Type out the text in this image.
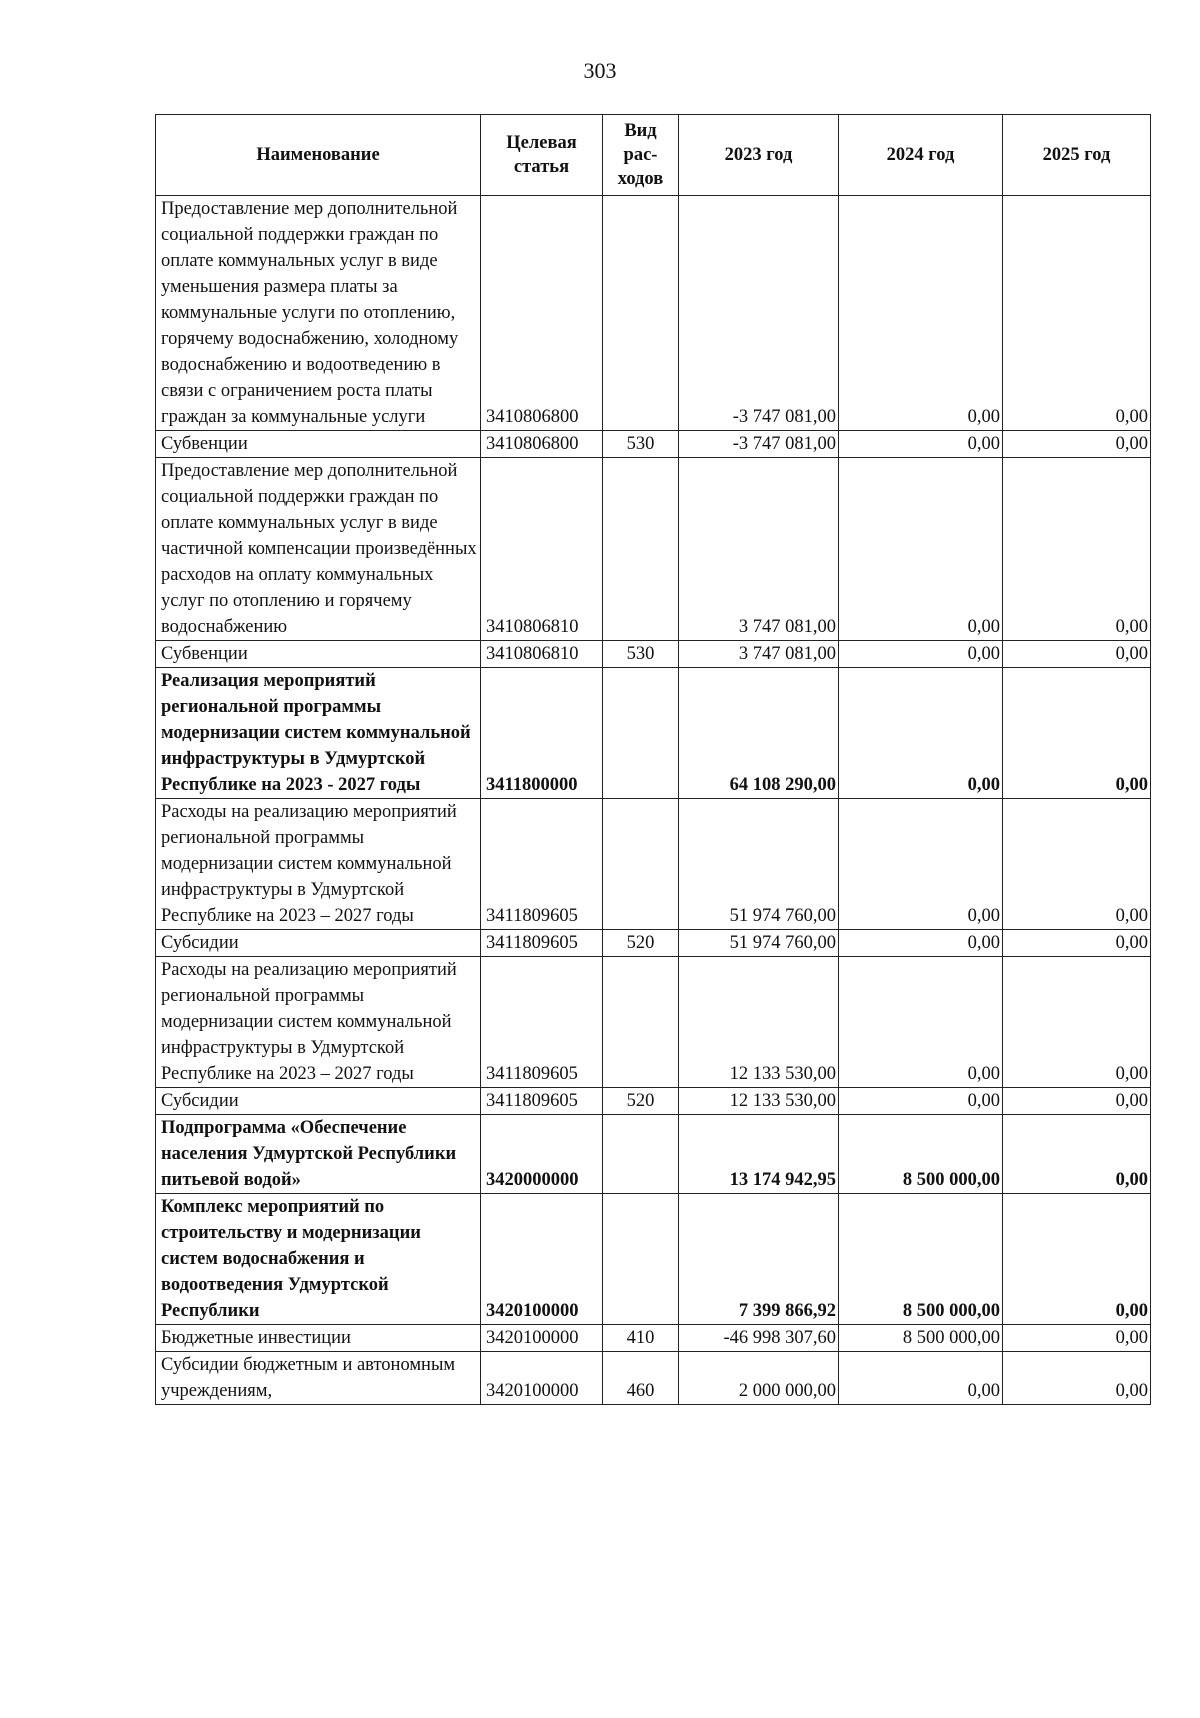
303
Наименование	Целевая статья	Вид рас-ходов	2023 год	2024 год	2025 год
Предоставление мер дополнительной социальной поддержки граждан по оплате коммунальных услуг в виде уменьшения размера платы за коммунальные услуги по отоплению, горячему водоснабжению, холодному водоснабжению и водоотведению в связи с ограничением роста платы граждан за коммунальные услуги	3410806800		-3 747 081,00	0,00	0,00
Субвенции	3410806800	530	-3 747 081,00	0,00	0,00
Предоставление мер дополнительной социальной поддержки граждан по оплате коммунальных услуг в виде частичной компенсации произведённых расходов на оплату коммунальных услуг по отоплению и горячему водоснабжению	3410806810		3 747 081,00	0,00	0,00
Субвенции	3410806810	530	3 747 081,00	0,00	0,00
Реализация мероприятий региональной программы модернизации систем коммунальной инфраструктуры в Удмуртской Республике на 2023 - 2027 годы	3411800000		64 108 290,00	0,00	0,00
Расходы на реализацию мероприятий региональной программы модернизации систем коммунальной инфраструктуры в Удмуртской Республике на 2023 – 2027 годы	3411809605		51 974 760,00	0,00	0,00
Субсидии	3411809605	520	51 974 760,00	0,00	0,00
Расходы на реализацию мероприятий региональной программы модернизации систем коммунальной инфраструктуры в Удмуртской Республике на 2023 – 2027 годы	3411809605		12 133 530,00	0,00	0,00
Субсидии	3411809605	520	12 133 530,00	0,00	0,00
Подпрограмма «Обеспечение населения Удмуртской Республики питьевой водой»	3420000000		13 174 942,95	8 500 000,00	0,00
Комплекс мероприятий по строительству и модернизации систем водоснабжения и водоотведения Удмуртской Республики	3420100000		7 399 866,92	8 500 000,00	0,00
Бюджетные инвестиции	3420100000	410	-46 998 307,60	8 500 000,00	0,00
Субсидии бюджетным и автономным учреждениям,	3420100000	460	2 000 000,00	0,00	0,00
